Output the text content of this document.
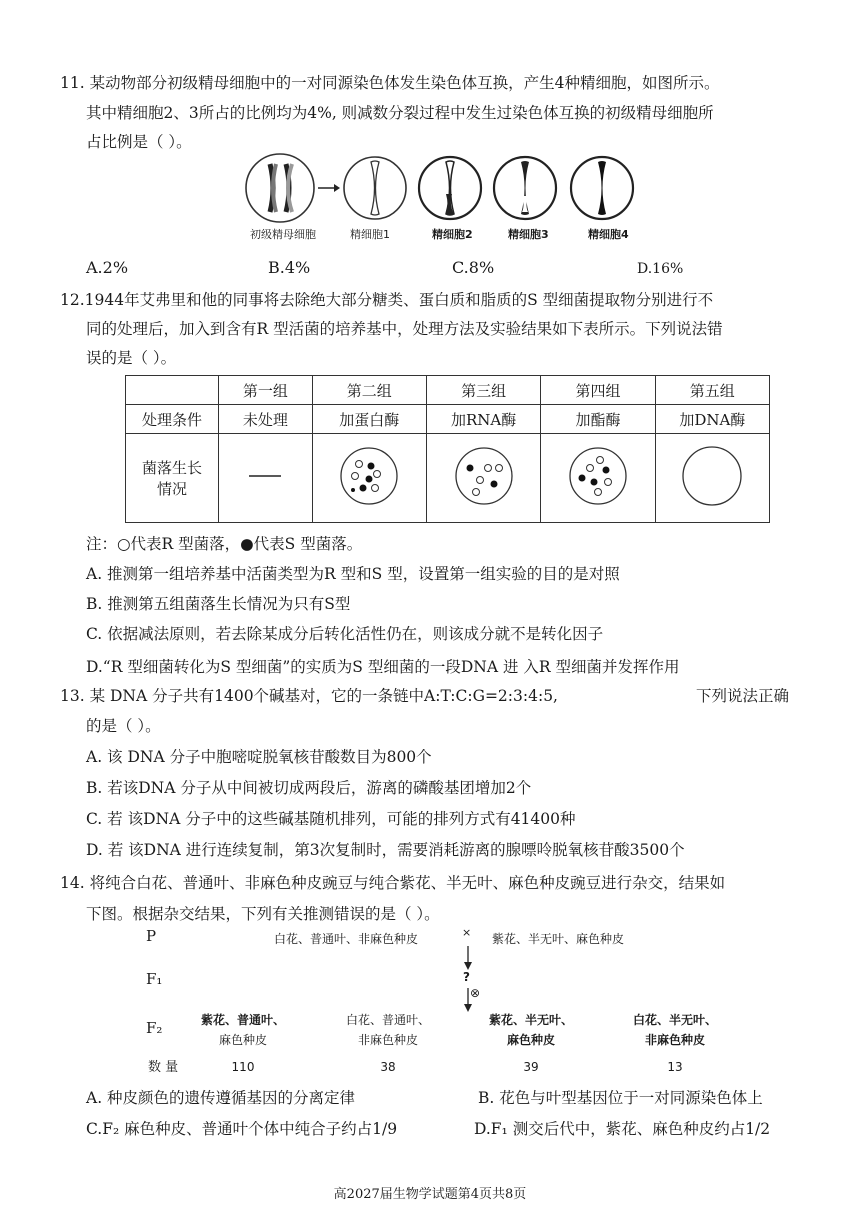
11. 某动物部分初级精母细胞中的一对同源染色体发生染色体互换，产生4种精细胞，如图所示。
其中精细胞2、3所占的比例均为4%, 则减数分裂过程中发生过染色体互换的初级精母细胞所
占比例是（ ）。
初级精母细胞	精细胞1	精细胞2	精细胞3	精细胞4
A.2%	B.4%	C.8%	D.16%
12.1944年艾弗里和他的同事将去除绝大部分糖类、蛋白质和脂质的S 型细菌提取物分别进行不
同的处理后，加入到含有R 型活菌的培养基中，处理方法及实验结果如下表所示。下列说法错
误的是（ ）。
	第一组	第二组	第三组	第四组	第五组
处理条件	未处理	加蛋白酶	加RNA酶	加酯酶	加DNA酶

菌落生长
情况

注：○代表R 型菌落，●代表S 型菌落。
A. 推测第一组培养基中活菌类型为R 型和S 型，设置第一组实验的目的是对照
B. 推测第五组菌落生长情况为只有S型
C. 依据减法原则，若去除某成分后转化活性仍在，则该成分就不是转化因子
D.“R 型细菌转化为S 型细菌”的实质为S 型细菌的一段DNA 进 入R 型细菌并发挥作用
13. 某 DNA 分子共有1400个碱基对，它的一条链中A:T:C:G=2:3:4:5,	下列说法正确
的是（ ）。
A. 该 DNA 分子中胞嘧啶脱氧核苷酸数目为800个
B. 若该DNA 分子从中间被切成两段后，游离的磷酸基团增加2个
C. 若 该DNA 分子中的这些碱基随机排列，可能的排列方式有41400种
D. 若 该DNA 进行连续复制，第3次复制时，需要消耗游离的腺嘌呤脱氧核苷酸3500个
14. 将纯合白花、普通叶、非麻色种皮豌豆与纯合紫花、半无叶、麻色种皮豌豆进行杂交，结果如
下图。根据杂交结果，下列有关推测错误的是（ ）。
P
F₁
F₂
数 量
白花、普通叶、非麻色种皮	× 紫花、半无叶、麻色种皮
?
⊗
紫花、普通叶、
麻色种皮
白花、普通叶、
非麻色种皮
紫花、半无叶、
麻色种皮
白花、半无叶、
非麻色种皮
110	38	39	13
A. 种皮颜色的遗传遵循基因的分离定律	B. 花色与叶型基因位于一对同源染色体上
C.F₂ 麻色种皮、普通叶个体中纯合子约占1/9	D.F₁ 测交后代中，紫花、麻色种皮约占1/2
高2027届生物学试题第4页共8页
